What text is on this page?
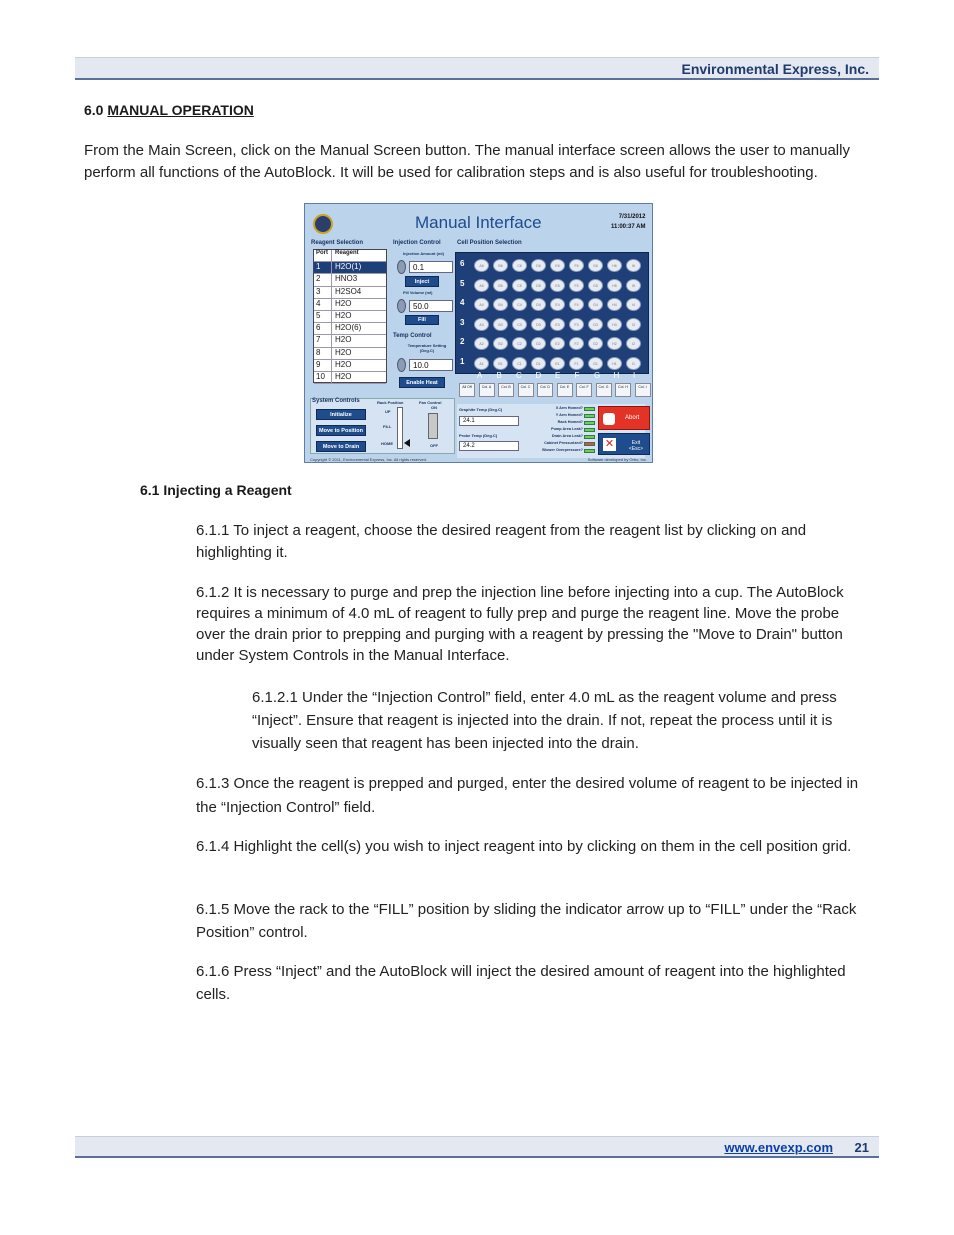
Environmental Express, Inc.
6.0 MANUAL OPERATION
From the Main Screen, click on the Manual Screen button. The manual interface screen allows the user to manually perform all functions of the AutoBlock. It will be used for calibration steps and is also useful for troubleshooting.
Manual Interface	7/31/2012
11:00:37 AM
Reagent Selection	Injection Control	Cell Position Selection
Port	Reagent
1	H2O(1)
2	HNO3
3	H2SO4
4	H2O
5	H2O
6	H2O(6)
7	H2O
8	H2O
9	H2O
10	H2O
Injection Amount (ml)
0.1
Inject
Fill Volume (ml)
50.0
Fill
Temp Control
Temperature Setting (Deg.C)
10.0
Enable Heat
A6	B6	C6	D6	E6	F6	G6	H6	I6
A5	B5	C5	D5	E5	F5	G5	H5	I5
A4	B4	C4	D4	E4	F4	G4	H4	I4
A3	B3	C3	D3	E3	F3	G3	H3	I3
A2	B2	C2	D2	E2	F2	G2	H2	I2
A1	B1	C1	D1	E1	F1	G1	H1	I1
System Controls
Initialize
Move to Position
Move to Drain
Rack Position	Fan Control
UP
FILL
HOME
ON
OFF
Graphite Temp (Deg.C)
24.1
Probe Temp (Deg.C)
24.2
X Arm Homed?
Y Arm Homed?
Rack Homed?
Pump Area Leak?
Drain Area Leak?
Cabinet Pressurized?
Blower Overpressure?
Abort
✕	Exit <Esc>
Copyright © 2011, Environmental Express, Inc. All rights reserved.	Software developed by Orbo, Inc.
6
5
4
3
2
1
A B C D E F G H I
All Off	Col. A	Col. B	Col. C	Col. D	Col. E	Col. F	Col. G	Col. H	Col. I
6.1 Injecting a Reagent
6.1.1 To inject a reagent, choose the desired reagent from the reagent list by clicking on and highlighting it.
6.1.2 It is necessary to purge and prep the injection line before injecting into a cup. The AutoBlock requires a minimum of 4.0 mL of reagent to fully prep and purge the reagent line. Move the probe over the drain prior to prepping and purging with a reagent by pressing the "Move to Drain" button under System Controls in the Manual Interface.
6.1.2.1 Under the “Injection Control” field, enter 4.0 mL as the reagent volume and press “Inject”. Ensure that reagent is injected into the drain. If not, repeat the process until it is visually seen that reagent has been injected into the drain.
6.1.3 Once the reagent is prepped and purged, enter the desired volume of reagent to be injected in the “Injection Control” field.
6.1.4 Highlight the cell(s) you wish to inject reagent into by clicking on them in the cell position grid.
6.1.5 Move the rack to the “FILL” position by sliding the indicator arrow up to “FILL” under the “Rack Position” control.
6.1.6 Press “Inject” and the AutoBlock will inject the desired amount of reagent into the highlighted cells.
www.envexp.com 21
